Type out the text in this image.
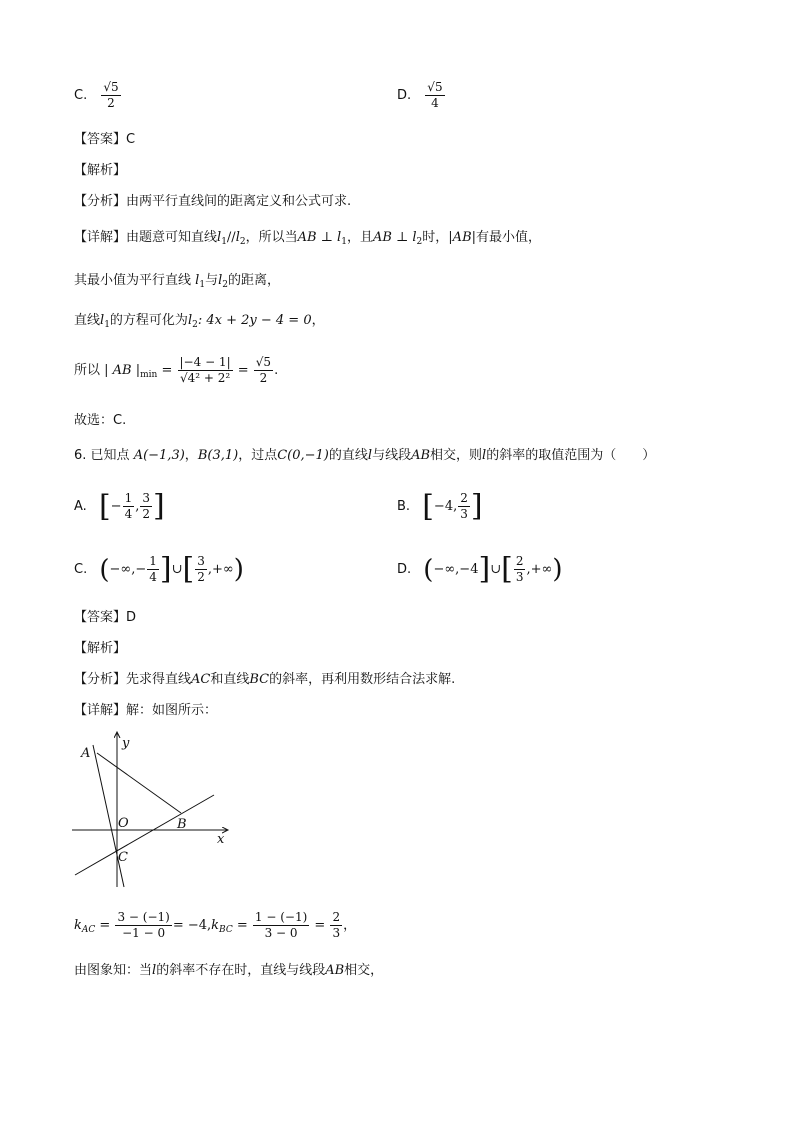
C. $\frac{√5}{2}$	D. $\frac{√5}{4}$
【答案】C
【解析】
【分析】由两平行直线间的距离定义和公式可求.
【详解】由题意可知直线$l_1//l_2$，所以当AB ⊥ $l_1$，且AB ⊥ $l_2$时，|AB|有最小值，
其最小值为平行直线 $l_1$与$l_2$的距离，
直线$l_1$的方程可化为$l_2$: 4x + 2y − 4 = 0，
所以 | AB $|_{min} = \frac{|-4 - 1|}{\text{√4² + 2²}} = \frac{√5}{2}$ .
故选：C.
6. 已知点 A(−1,3)，B(3,1)，过点C(0,−1)的直线l与线段AB相交，则l的斜率的取值范围为（　　）
A. [− $\frac{1}{4}$ , $\frac{3}{2}$ ]	B. [−4, $\frac{2}{3}$ ]
C. (−∞,− $\frac{1}{4}$ ]∪[ $\frac{3}{2}$ ,+∞)	D. (−∞,−4]∪[ $\frac{2}{3}$ ,+∞)
【答案】D
【解析】
【分析】先求得直线AC和直线BC的斜率，再利用数形结合法求解.
【详解】解：如图所示：
y
x
A
B
C
O
$k_{AC} = \frac{3 - (-1)}{-1 - 0} = -4,k_{BC} = \frac{1 - (-1)}{3 - 0} = \frac{2}{3}$ ，
由图象知：当l的斜率不存在时，直线与线段AB相交，
